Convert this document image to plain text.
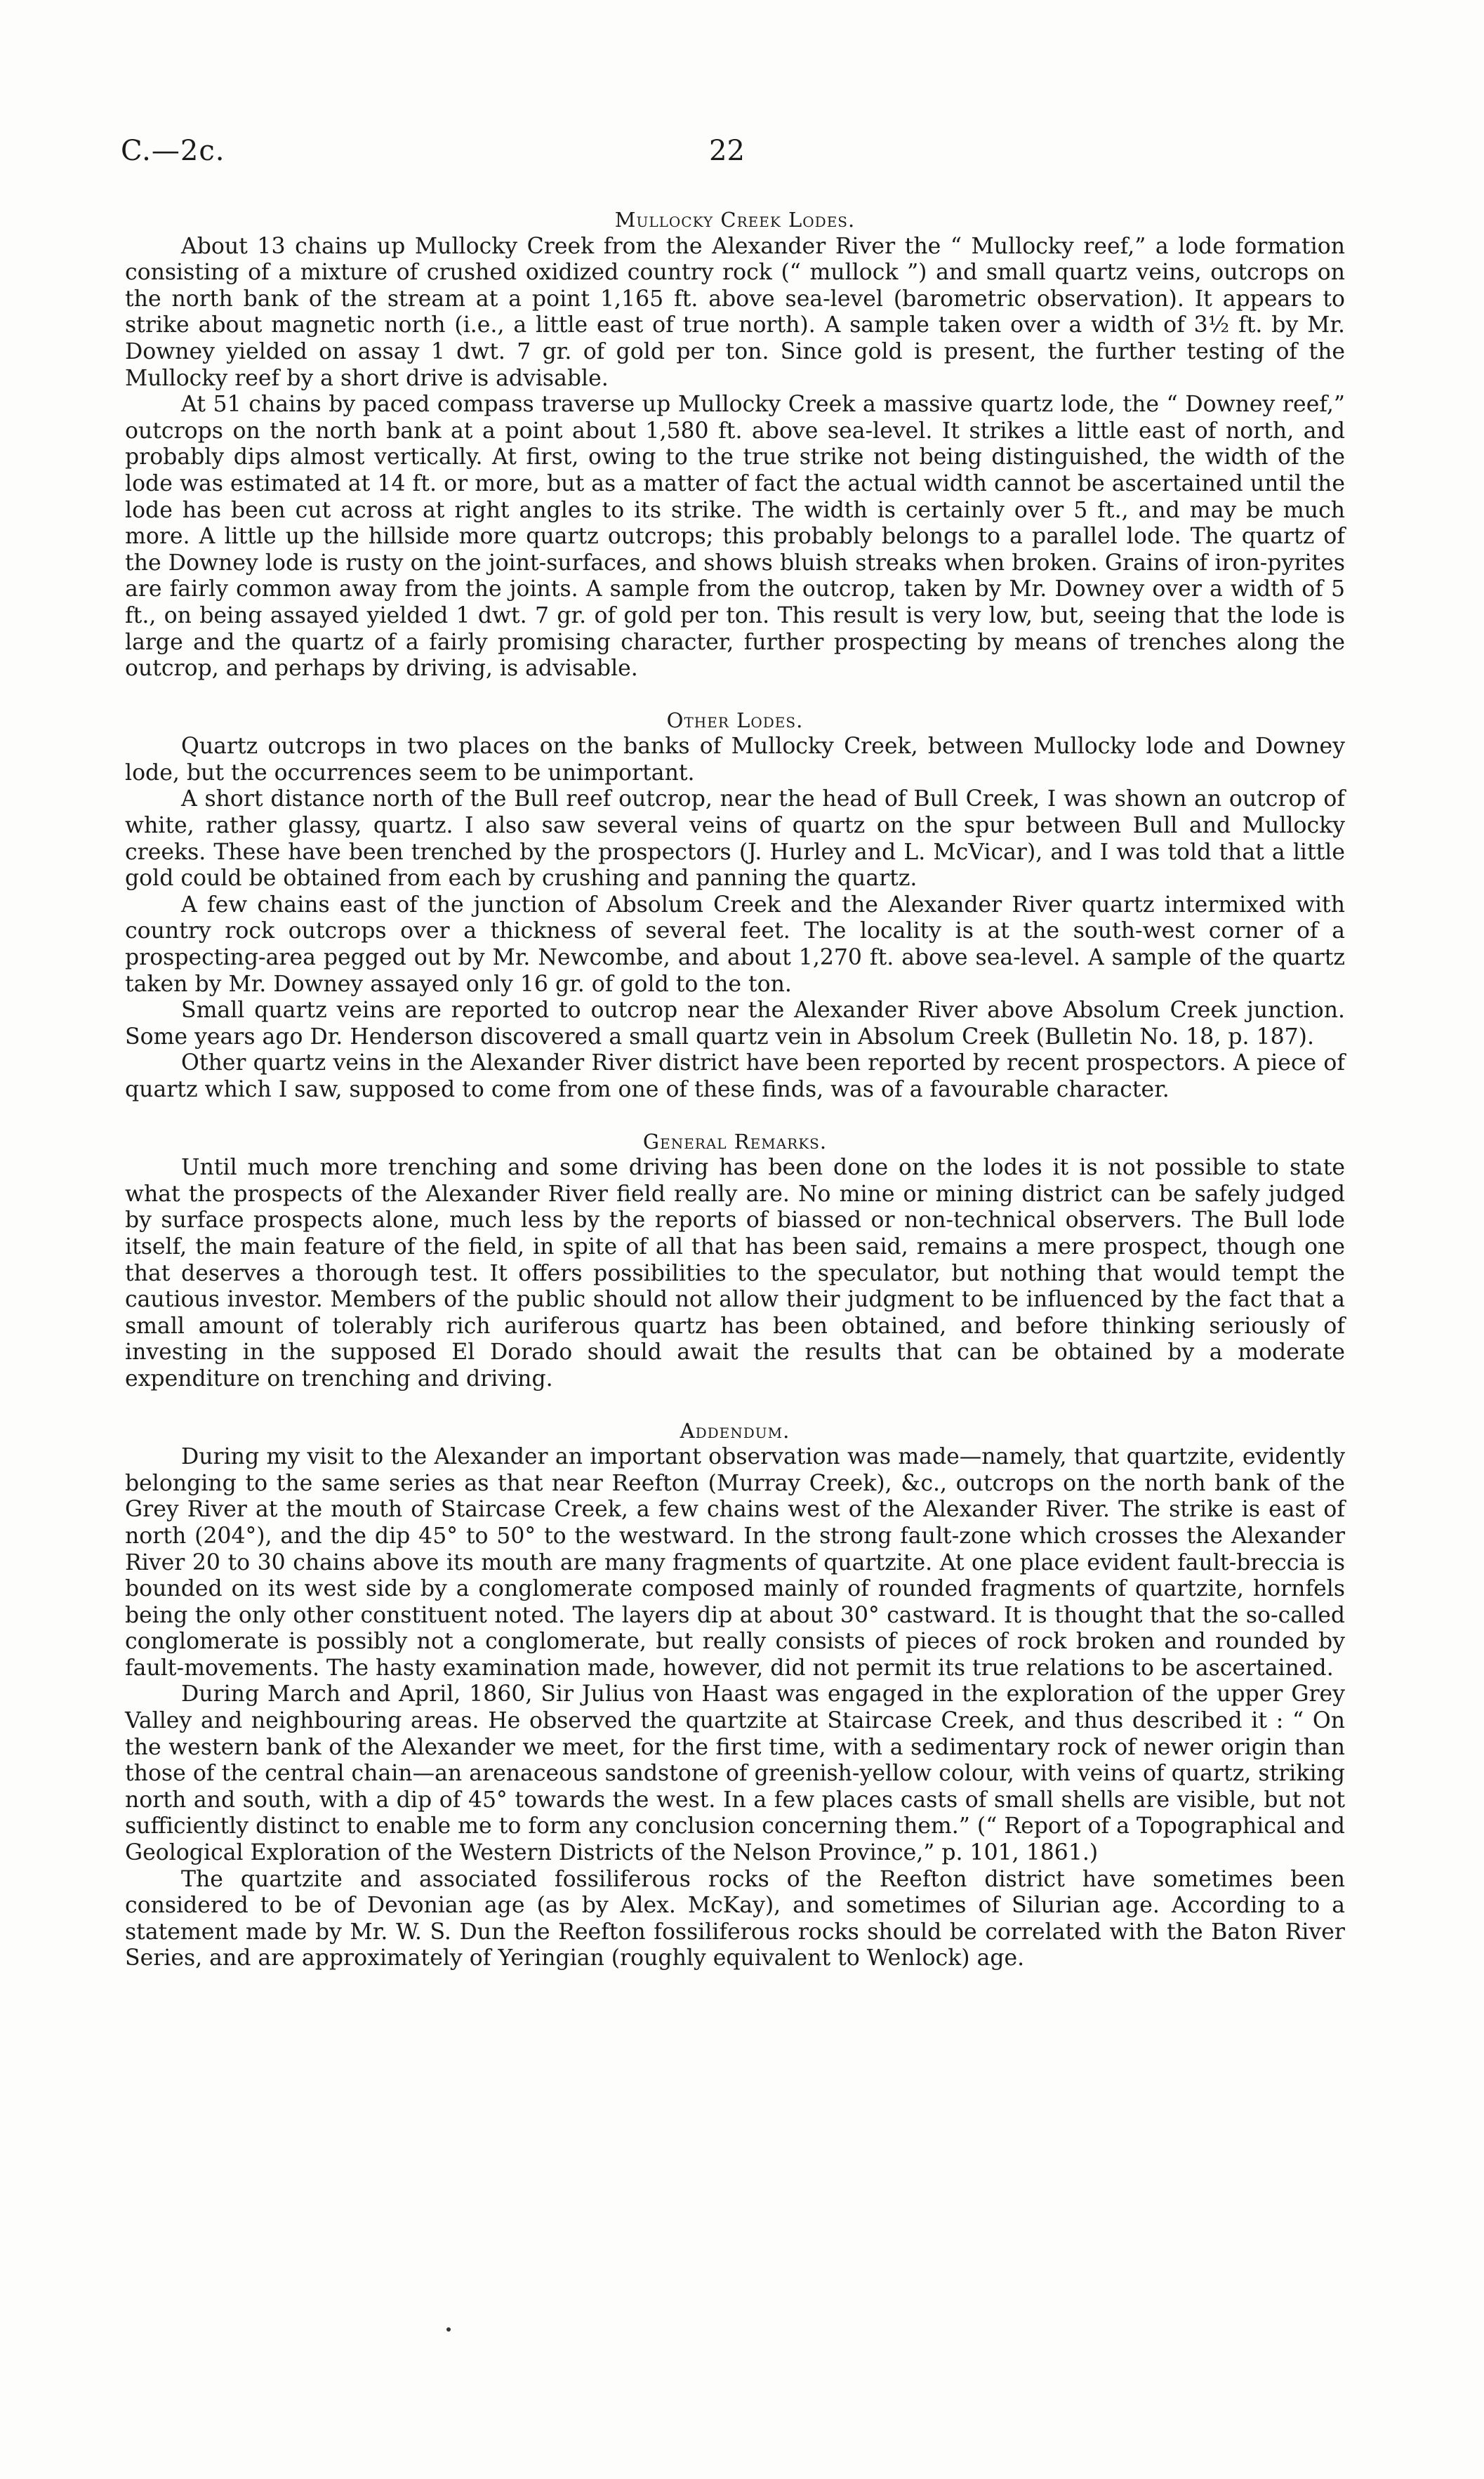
C.—2c.	22
Mullocky Creek Lodes.

About 13 chains up Mullocky Creek from the Alexander River the “ Mullocky reef,” a lode formation consisting of a mixture of crushed oxidized country rock (“ mullock ”) and small quartz veins, outcrops on the north bank of the stream at a point 1,165 ft. above sea-level (barometric observation). It appears to strike about magnetic north (i.e., a little east of true north). A sample taken over a width of 3½ ft. by Mr. Downey yielded on assay 1 dwt. 7 gr. of gold per ton. Since gold is present, the further testing of the Mullocky reef by a short drive is advisable.

At 51 chains by paced compass traverse up Mullocky Creek a massive quartz lode, the “ Downey reef,” outcrops on the north bank at a point about 1,580 ft. above sea-level. It strikes a little east of north, and probably dips almost vertically. At first, owing to the true strike not being distinguished, the width of the lode was estimated at 14 ft. or more, but as a matter of fact the actual width cannot be ascertained until the lode has been cut across at right angles to its strike. The width is certainly over 5 ft., and may be much more. A little up the hillside more quartz outcrops; this probably belongs to a parallel lode. The quartz of the Downey lode is rusty on the joint-surfaces, and shows bluish streaks when broken. Grains of iron-pyrites are fairly common away from the joints. A sample from the outcrop, taken by Mr. Downey over a width of 5 ft., on being assayed yielded 1 dwt. 7 gr. of gold per ton. This result is very low, but, seeing that the lode is large and the quartz of a fairly promising character, further prospecting by means of trenches along the outcrop, and perhaps by driving, is advisable.

Other Lodes.

Quartz outcrops in two places on the banks of Mullocky Creek, between Mullocky lode and Downey lode, but the occurrences seem to be unimportant.

A short distance north of the Bull reef outcrop, near the head of Bull Creek, I was shown an outcrop of white, rather glassy, quartz. I also saw several veins of quartz on the spur between Bull and Mullocky creeks. These have been trenched by the prospectors (J. Hurley and L. McVicar), and I was told that a little gold could be obtained from each by crushing and panning the quartz.

A few chains east of the junction of Absolum Creek and the Alexander River quartz intermixed with country rock outcrops over a thickness of several feet. The locality is at the south-west corner of a prospecting-area pegged out by Mr. Newcombe, and about 1,270 ft. above sea-level. A sample of the quartz taken by Mr. Downey assayed only 16 gr. of gold to the ton.

Small quartz veins are reported to outcrop near the Alexander River above Absolum Creek junction. Some years ago Dr. Henderson discovered a small quartz vein in Absolum Creek (Bulletin No. 18, p. 187).

Other quartz veins in the Alexander River district have been reported by recent prospectors. A piece of quartz which I saw, supposed to come from one of these finds, was of a favourable character.

General Remarks.

Until much more trenching and some driving has been done on the lodes it is not possible to state what the prospects of the Alexander River field really are. No mine or mining district can be safely judged by surface prospects alone, much less by the reports of biassed or non-technical observers. The Bull lode itself, the main feature of the field, in spite of all that has been said, remains a mere prospect, though one that deserves a thorough test. It offers possibilities to the speculator, but nothing that would tempt the cautious investor. Members of the public should not allow their judgment to be influenced by the fact that a small amount of tolerably rich auriferous quartz has been obtained, and before thinking seriously of investing in the supposed El Dorado should await the results that can be obtained by a moderate expenditure on trenching and driving.

Addendum.

During my visit to the Alexander an important observation was made—namely, that quartzite, evidently belonging to the same series as that near Reefton (Murray Creek), &c., outcrops on the north bank of the Grey River at the mouth of Staircase Creek, a few chains west of the Alexander River. The strike is east of north (204°), and the dip 45° to 50° to the westward. In the strong fault-zone which crosses the Alexander River 20 to 30 chains above its mouth are many fragments of quartzite. At one place evident fault-breccia is bounded on its west side by a conglomerate composed mainly of rounded fragments of quartzite, hornfels being the only other constituent noted. The layers dip at about 30° castward. It is thought that the so-called conglomerate is possibly not a conglomerate, but really consists of pieces of rock broken and rounded by fault-movements. The hasty examination made, however, did not permit its true relations to be ascertained.

During March and April, 1860, Sir Julius von Haast was engaged in the exploration of the upper Grey Valley and neighbouring areas. He observed the quartzite at Staircase Creek, and thus described it : “ On the western bank of the Alexander we meet, for the first time, with a sedimentary rock of newer origin than those of the central chain—an arenaceous sandstone of greenish-yellow colour, with veins of quartz, striking north and south, with a dip of 45° towards the west. In a few places casts of small shells are visible, but not sufficiently distinct to enable me to form any conclusion concerning them.” (“ Report of a Topographical and Geological Exploration of the Western Districts of the Nelson Province,” p. 101, 1861.)

The quartzite and associated fossiliferous rocks of the Reefton district have sometimes been considered to be of Devonian age (as by Alex. McKay), and sometimes of Silurian age. According to a statement made by Mr. W. S. Dun the Reefton fossiliferous rocks should be correlated with the Baton River Series, and are approximately of Yeringian (roughly equivalent to Wenlock) age.
